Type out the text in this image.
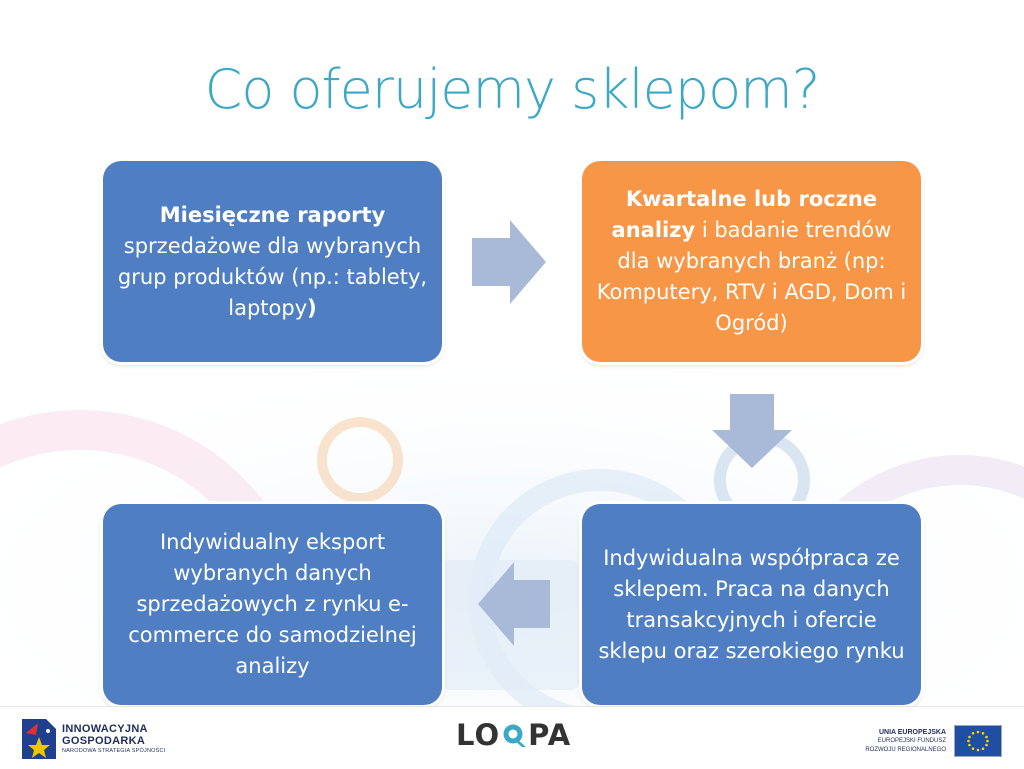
Co oferujemy sklepom?
Miesięczne raporty sprzedażowe dla wybranych grup produktów (np.: tablety, laptopy)
Kwartalne lub roczne analizy i badanie trendów dla wybranych branż (np: Komputery, RTV i AGD, Dom i Ogród)
Indywidualna współpraca ze sklepem. Praca na danych transakcyjnych i ofercie sklepu oraz szerokiego rynku
Indywidualny eksport wybranych danych sprzedażowych z rynku e-commerce do samodzielnej analizy
INNOWACYJNA
GOSPODARKA
NARODOWA STRATEGIA SPÓJNOŚCI
UNIA EUROPEJSKA
EUROPEJSKI FUNDUSZ
ROZWOJU REGIONALNEGO
LO PA
